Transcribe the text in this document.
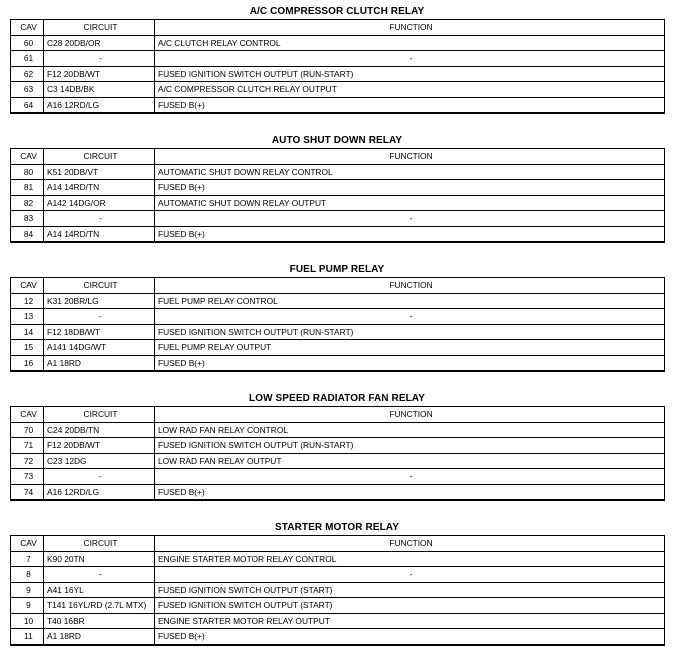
A/C COMPRESSOR CLUTCH RELAY
CAV	CIRCUIT	FUNCTION
60	C28 20DB/OR	A/C CLUTCH RELAY CONTROL
61	-	-
62	F12 20DB/WT	FUSED IGNITION SWITCH OUTPUT (RUN-START)
63	C3 14DB/BK	A/C COMPRESSOR CLUTCH RELAY OUTPUT
64	A16 12RD/LG	FUSED B(+)
AUTO SHUT DOWN RELAY
CAV	CIRCUIT	FUNCTION
80	K51 20DB/VT	AUTOMATIC SHUT DOWN RELAY CONTROL
81	A14 14RD/TN	FUSED B(+)
82	A142 14DG/OR	AUTOMATIC SHUT DOWN RELAY OUTPUT
83	-	-
84	A14 14RD/TN	FUSED B(+)
FUEL PUMP RELAY
CAV	CIRCUIT	FUNCTION
12	K31 20BR/LG	FUEL PUMP RELAY CONTROL
13	-	-
14	F12 18DB/WT	FUSED IGNITION SWITCH OUTPUT (RUN-START)
15	A141 14DG/WT	FUEL PUMP RELAY OUTPUT
16	A1 18RD	FUSED B(+)
LOW SPEED RADIATOR FAN RELAY
CAV	CIRCUIT	FUNCTION
70	C24 20DB/TN	LOW RAD FAN RELAY CONTROL
71	F12 20DB/WT	FUSED IGNITION SWITCH OUTPUT (RUN-START)
72	C23 12DG	LOW RAD FAN RELAY OUTPUT
73	-	-
74	A16 12RD/LG	FUSED B(+)
STARTER MOTOR RELAY
CAV	CIRCUIT	FUNCTION
7	K90 20TN	ENGINE STARTER MOTOR RELAY CONTROL
8	-	-
9	A41 16YL	FUSED IGNITION SWITCH OUTPUT (START)
9	T141 16YL/RD (2.7L MTX)	FUSED IGNITION SWITCH OUTPUT (START)
10	T40 16BR	ENGINE STARTER MOTOR RELAY OUTPUT
11	A1 18RD	FUSED B(+)
